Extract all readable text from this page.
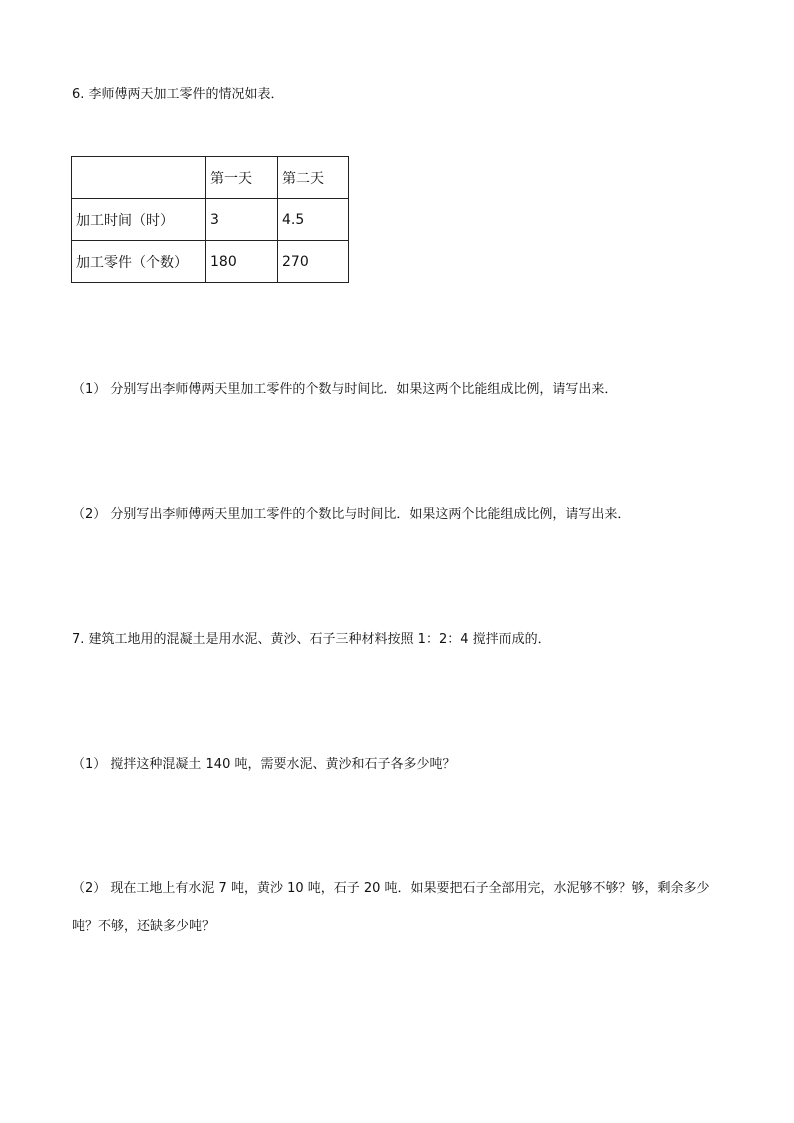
6. 李师傅两天加工零件的情况如表．
	第一天	第二天
加工时间（时）	3	4.5
加工零件（个数）	180	270
（1） 分别写出李师傅两天里加工零件的个数与时间比．如果这两个比能组成比例，请写出来．
（2） 分别写出李师傅两天里加工零件的个数比与时间比．如果这两个比能组成比例，请写出来．
7. 建筑工地用的混凝土是用水泥、黄沙、石子三种材料按照 1：2：4 搅拌而成的．
（1） 搅拌这种混凝土 140 吨，需要水泥、黄沙和石子各多少吨？
（2） 现在工地上有水泥 7 吨，黄沙 10 吨，石子 20 吨．如果要把石子全部用完，水泥够不够？够，剩余多少吨？不够，还缺多少吨？
